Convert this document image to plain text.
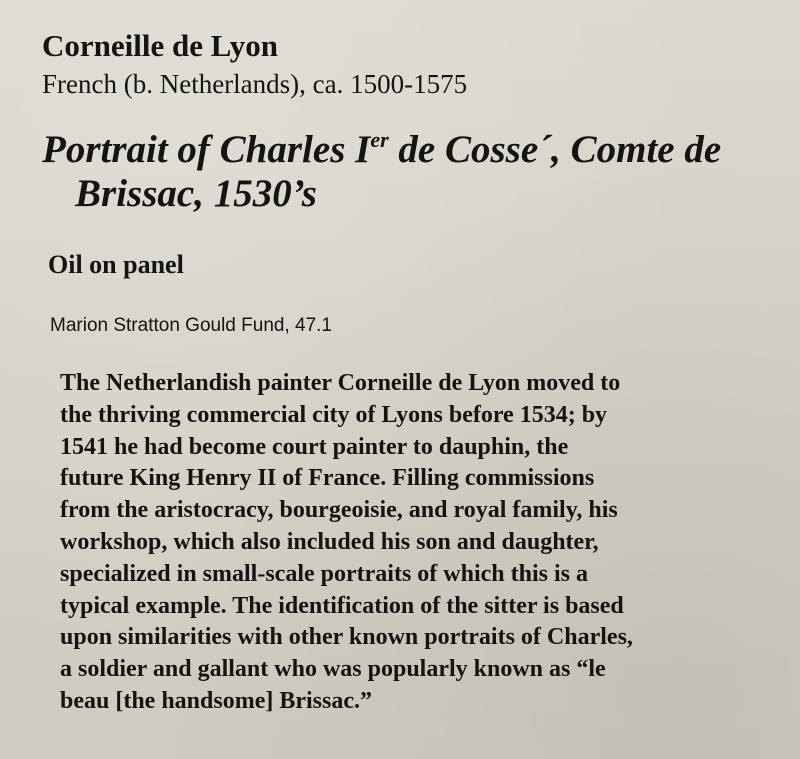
Corneille de Lyon
French (b. Netherlands), ca. 1500-1575
Portrait of Charles Ier de Cosse´, Comte de
Brissac, 1530’s
Oil on panel
Marion Stratton Gould Fund, 47.1
The Netherlandish painter Corneille de Lyon moved to
the thriving commercial city of Lyons before 1534; by
1541 he had become court painter to dauphin, the
future King Henry II of France. Filling commissions
from the aristocracy, bourgeoisie, and royal family, his
workshop, which also included his son and daughter,
specialized in small-scale portraits of which this is a
typical example. The identification of the sitter is based
upon similarities with other known portraits of Charles,
a soldier and gallant who was popularly known as “le
beau [the handsome] Brissac.”
